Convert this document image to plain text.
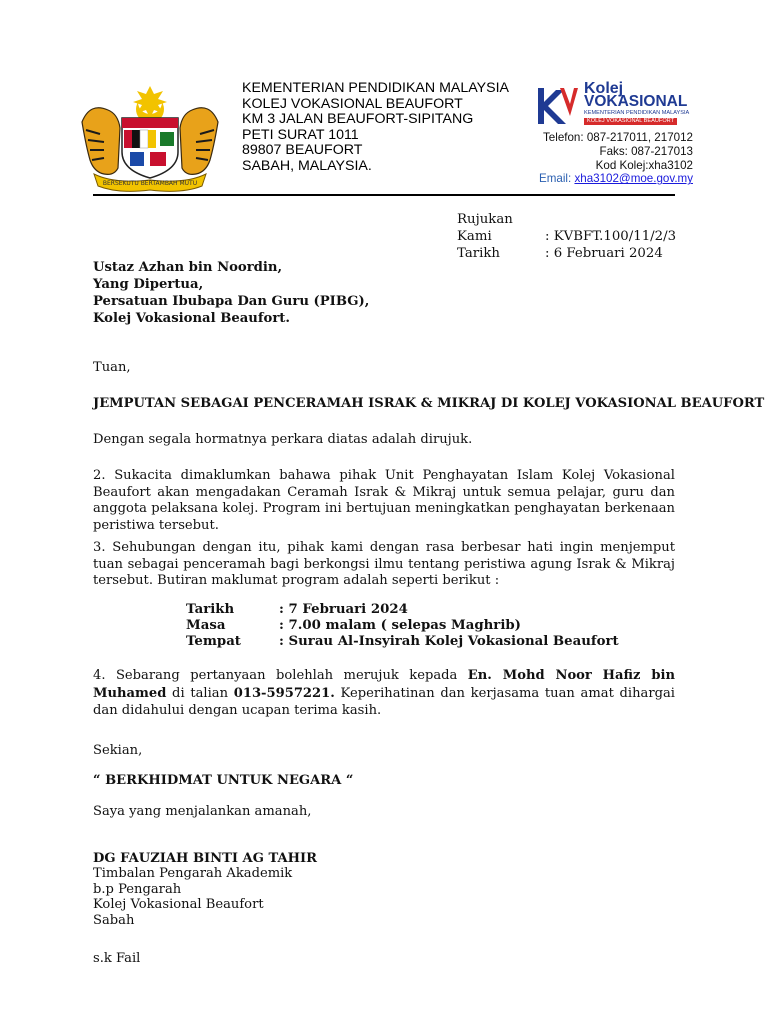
BERSEKUTU BERTAMBAH MUTU
KEMENTERIAN PENDIDIKAN MALAYSIA
KOLEJ VOKASIONAL BEAUFORT
KM 3 JALAN BEAUFORT-SIPITANG
PETI SURAT 1011
89807 BEAUFORT
SABAH, MALAYSIA.
Kolej
VOKASIONAL
KEMENTERIAN PENDIDIKAN MALAYSIA
KOLEJ VOKASIONAL BEAUFORT
Telefon: 087-217011, 217012
Faks: 087-217013
Kod Kolej:xha3102
Email: xha3102@moe.gov.my
Rujukan Kami	: KVBFT.100/11/2/3
Tarikh	: 6 Februari 2024
Ustaz Azhan bin Noordin,
Yang Dipertua,
Persatuan Ibubapa Dan Guru (PIBG),
Kolej Vokasional Beaufort.
Tuan,
JEMPUTAN SEBAGAI PENCERAMAH ISRAK & MIKRAJ DI KOLEJ VOKASIONAL BEAUFORT
Dengan segala hormatnya perkara diatas adalah dirujuk.
2. Sukacita dimaklumkan bahawa pihak Unit Penghayatan Islam Kolej Vokasional Beaufort akan mengadakan Ceramah Israk & Mikraj untuk semua pelajar, guru dan anggota pelaksana kolej. Program ini bertujuan meningkatkan penghayatan berkenaan peristiwa tersebut.
3. Sehubungan dengan itu, pihak kami dengan rasa berbesar hati ingin menjemput tuan sebagai penceramah bagi berkongsi ilmu tentang peristiwa agung Israk & Mikraj tersebut. Butiran maklumat program adalah seperti berikut :
Tarikh	: 7 Februari 2024
Masa	: 7.00 malam ( selepas Maghrib)
Tempat	: Surau Al-Insyirah Kolej Vokasional Beaufort
4. Sebarang pertanyaan bolehlah merujuk kepada En. Mohd Noor Hafiz bin Muhamed di talian 013-5957221. Keperihatinan dan kerjasama tuan amat dihargai dan didahului dengan ucapan terima kasih.
Sekian,
“ BERKHIDMAT UNTUK NEGARA “
Saya yang menjalankan amanah,
DG FAUZIAH BINTI AG TAHIR
Timbalan Pengarah Akademik
b.p Pengarah
Kolej Vokasional Beaufort
Sabah
s.k Fail
